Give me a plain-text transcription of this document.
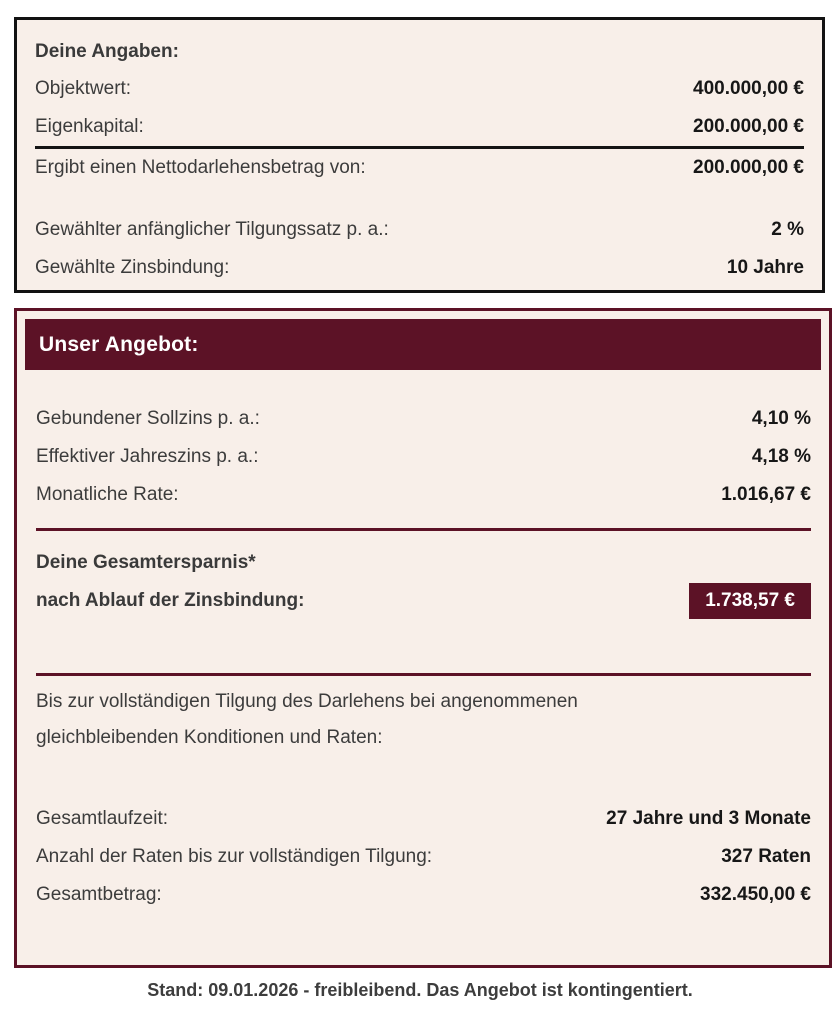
Deine Angaben:
Objektwert:	400.000,00 €
Eigenkapital:	200.000,00 €
Ergibt einen Nettodarlehensbetrag von:	200.000,00 €
Gewählter anfänglicher Tilgungssatz p. a.:	2 %
Gewählte Zinsbindung:	10 Jahre
Unser Angebot:
Gebundener Sollzins p. a.:	4,10 %
Effektiver Jahreszins p. a.:	4,18 %
Monatliche Rate:	1.016,67 €
Deine Gesamtersparnis*
nach Ablauf der Zinsbindung:	1.738,57 €
Bis zur vollständigen Tilgung des Darlehens bei angenommenen
gleichbleibenden Konditionen und Raten:
Gesamtlaufzeit:	27 Jahre und 3 Monate
Anzahl der Raten bis zur vollständigen Tilgung:	327 Raten
Gesamtbetrag:	332.450,00 €
Stand: 09.01.2026 - freibleibend. Das Angebot ist kontingentiert.
